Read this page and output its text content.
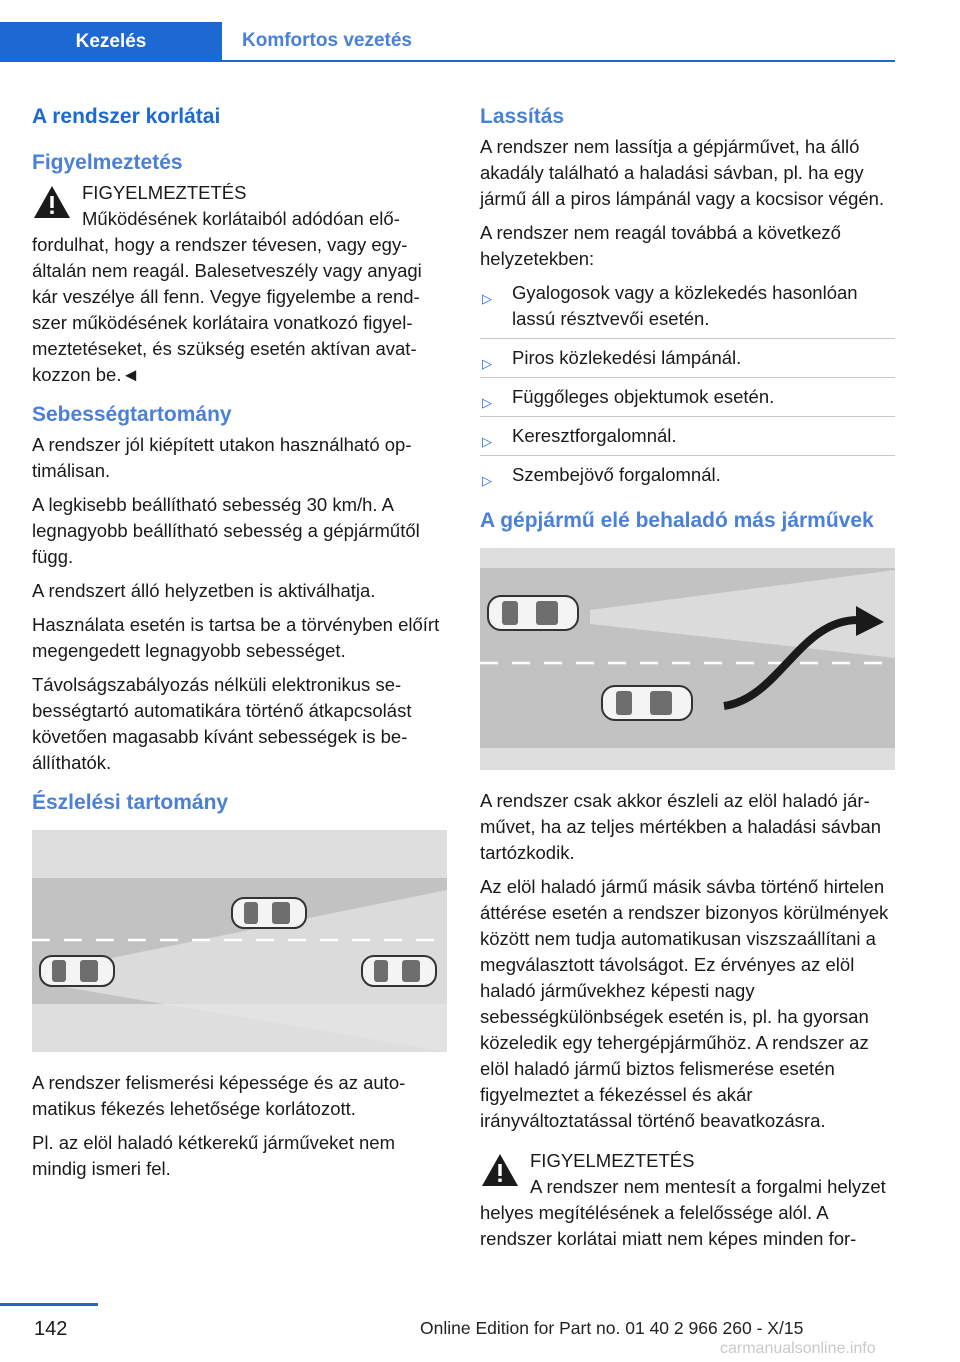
Kezelés	Komfortos vezetés
A rendszer korlátai
Figyelmeztetés
FIGYELMEZTETÉS

Működésének korlátaiból adódóan előfordulhat, hogy a rendszer tévesen, vagy egyáltalán nem reagál. Balesetveszély vagy anyagi kár veszélye áll fenn. Vegye figyelembe a rendszer működésének korlátaira vonatkozó figyelmeztetéseket, és szükség esetén aktívan avatkozzon be.◄

Sebességtartomány

A rendszer jól kiépített utakon használható optimálisan.

A legkisebb beállítható sebesség 30 km/h. A legnagyobb beállítható sebesség a gépjárműtől függ.

A rendszert álló helyzetben is aktiválhatja.

Használata esetén is tartsa be a törvényben előírt megengedett legnagyobb sebességet.

Távolságszabályozás nélküli elektronikus sebességtartó automatikára történő átkapcsolást követően magasabb kívánt sebességek is beállíthatók.

Észlelési tartomány

A rendszer felismerési képessége és az automatikus fékezés lehetősége korlátozott.

Pl. az elöl haladó kétkerekű járműveket nem mindig ismeri fel.

Lassítás

A rendszer nem lassítja a gépjárművet, ha álló akadály található a haladási sávban, pl. ha egy jármű áll a piros lámpánál vagy a kocsisor végén.

A rendszer nem reagál továbbá a következő helyzetekben:

▷ Gyalogosok vagy a közlekedés hasonlóan lassú résztvevői esetén.
▷ Piros közlekedési lámpánál.
▷ Függőleges objektumok esetén.
▷ Keresztforgalomnál.
▷ Szembejövő forgalomnál.
A gépjármű elé behaladó más járművek

A rendszer csak akkor észleli az elöl haladó járművet, ha az teljes mértékben a haladási sávban tartózkodik.

Az elöl haladó jármű másik sávba történő hirtelen áttérése esetén a rendszer bizonyos körülmények között nem tudja automatikusan viszszaállítani a megválasztott távolságot. Ez érvényes az elöl haladó járművekhez képesti nagy sebességkülönbségek esetén is, pl. ha gyorsan közeledik egy tehergépjárműhöz. A rendszer az elöl haladó jármű biztos felismerése esetén figyelmeztet a fékezéssel és akár irányváltoztatással történő beavatkozásra.

FIGYELMEZTETÉS

A rendszer nem mentesít a forgalmi helyzet helyes megítélésének a felelőssége alól. A rendszer korlátai miatt nem képes minden for-

142	Online Edition for Part no. 01 40 2 966 260 - X/15
carmanualsonline.info
